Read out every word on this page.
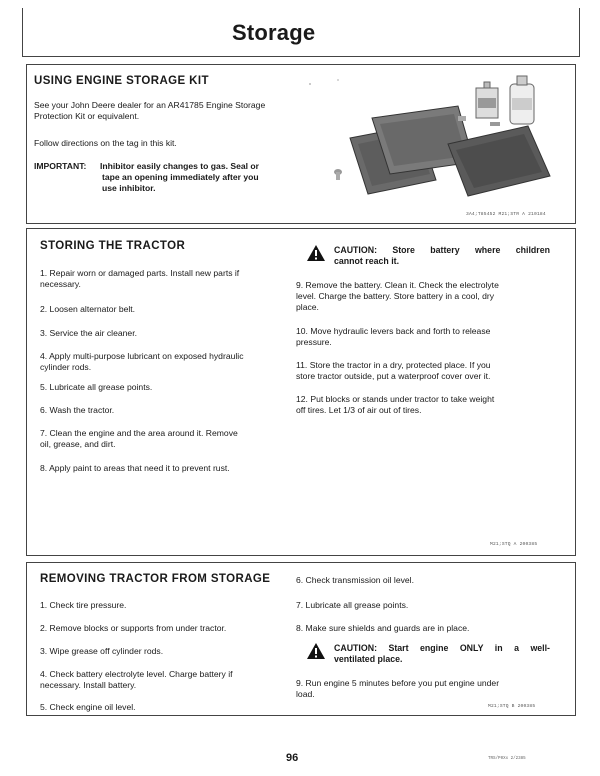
Storage
USING ENGINE STORAGE KIT
See your John Deere dealer for an AR41785 Engine Storage
Protection Kit or equivalent.
Follow directions on the tag in this kit.
IMPORTANT: Inhibitor easily changes to gas. Seal or
tape an opening immediately after you
use inhibitor.
3A4;T85452 M21;STR A 210184
STORING THE TRACTOR
1. Repair worn or damaged parts. Install new parts if
necessary.
2. Loosen alternator belt.
3. Service the air cleaner.
4. Apply multi-purpose lubricant on exposed hydraulic
cylinder rods.
5. Lubricate all grease points.
6. Wash the tractor.
7. Clean the engine and the area around it. Remove
oil, grease, and dirt.
8. Apply paint to areas that need it to prevent rust.
CAUTION: Store battery where children
cannot reach it.
9. Remove the battery. Clean it. Check the electrolyte
level. Charge the battery. Store battery in a cool, dry
place.
10. Move hydraulic levers back and forth to release
pressure.
11. Store the tractor in a dry, protected place. If you
store tractor outside, put a waterproof cover over it.
12. Put blocks or stands under tractor to take weight
off tires. Let 1/3 of air out of tires.
M21;STQ A 200385
REMOVING TRACTOR FROM STORAGE
1. Check tire pressure.
2. Remove blocks or supports from under tractor.
3. Wipe grease off cylinder rods.
4. Check battery electrolyte level. Charge battery if
necessary. Install battery.
5. Check engine oil level.
6. Check transmission oil level.
7. Lubricate all grease points.
8. Make sure shields and guards are in place.
CAUTION: Start engine ONLY in a well-
ventilated place.
9. Run engine 5 minutes before you put engine under
load.
M21;STQ B 200385
96	TRS/P0Xx 2/2385
